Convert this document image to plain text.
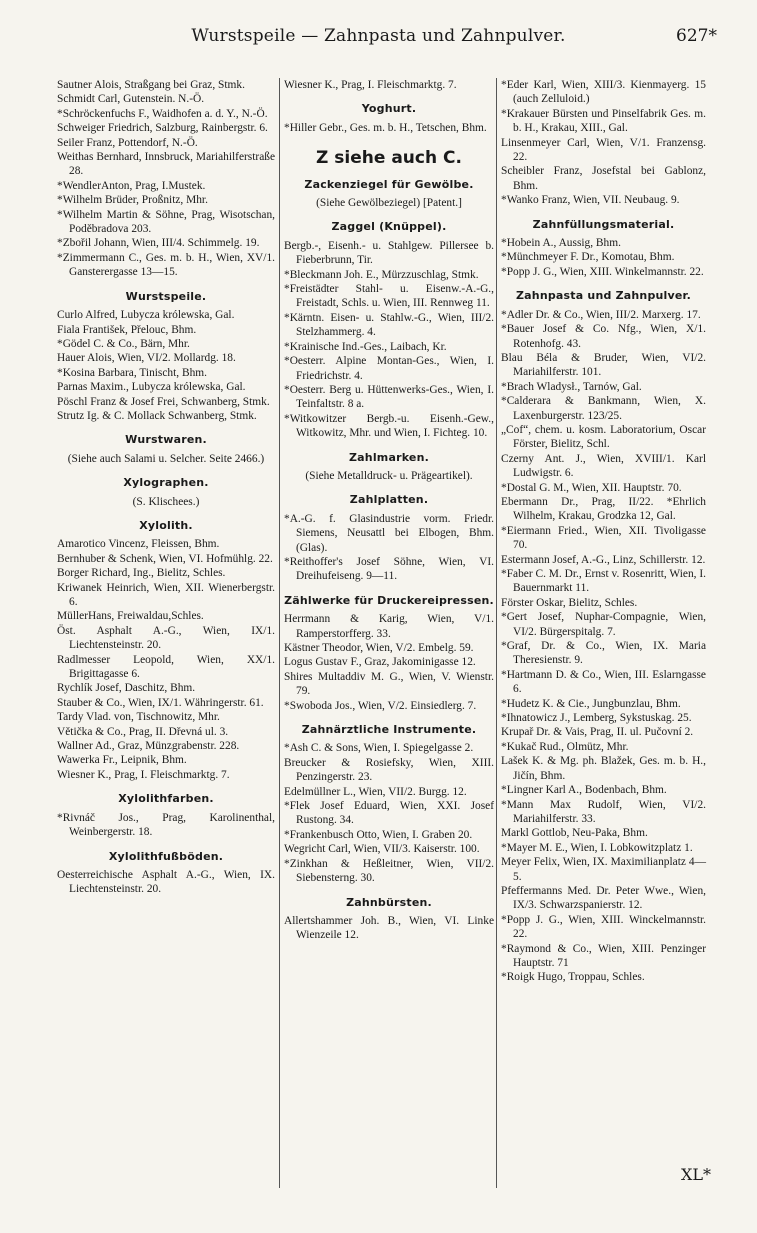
Wurstspeile — Zahnpasta und Zahnpulver.	627*
Sautner Alois, Straßgang bei Graz, Stmk.
Schmidt Carl, Gutenstein. N.-Ö.
*Schröckenfuchs F., Waidhofen a. d. Y., N.-Ö.
Schweiger Friedrich, Salzburg, Rainbergstr. 6.
Seiler Franz, Pottendorf, N.-Ö.
Weithas Bernhard, Innsbruck, Mariahilferstraße 28.
*WendlerAnton, Prag, I.Mustek.
*Wilhelm Brüder, Proßnitz, Mhr.
*Wilhelm Martin & Söhne, Prag, Wisotschan, Poděbradova 203.
*Zbořil Johann, Wien, III/4. Schimmelg. 19.
*Zimmermann C., Ges. m. b. H., Wien, XV/1. Gansterergasse 13—15.
Wurstspeile.
Curlo Alfred, Lubycza królewska, Gal.
Fiala František, Přelouc, Bhm.
*Gödel C. & Co., Bärn, Mhr.
Hauer Alois, Wien, VI/2. Mollardg. 18.
*Kosina Barbara, Tinischt, Bhm.
Parnas Maxim., Lubycza królewska, Gal.
Pöschl Franz & Josef Frei, Schwanberg, Stmk.
Strutz Ig. & C. Mollack Schwanberg, Stmk.
Wurstwaren.
(Siehe auch Salami u. Selcher. Seite 2466.)
Xylographen.
(S. Klischees.)
Xylolith.
Amarotico Vincenz, Fleissen, Bhm.
Bernhuber & Schenk, Wien, VI. Hofmühlg. 22.
Borger Richard, Ing., Bielitz, Schles.
Kriwanek Heinrich, Wien, XII. Wienerbergstr. 6.
MüllerHans, Freiwaldau,Schles.
Öst. Asphalt A.-G., Wien, IX/1. Liechtensteinstr. 20.
Radlmesser Leopold, Wien, XX/1. Brigittagasse 6.
Rychlík Josef, Daschitz, Bhm.
Stauber & Co., Wien, IX/1. Währingerstr. 61.
Tardy Vlad. von, Tischnowitz, Mhr.
Větička & Co., Prag, II. Dřevná ul. 3.
Wallner Ad., Graz, Münzgrabenstr. 228.
Wawerka Fr., Leipnik, Bhm.
Wiesner K., Prag, I. Fleischmarktg. 7.
Xylolithfarben.
*Rivnáč Jos., Prag, Karolinenthal, Weinbergerstr. 18.
Xylolithfußböden.
Oesterreichische Asphalt A.-G., Wien, IX. Liechtensteinstr. 20.
Wiesner K., Prag, I. Fleischmarktg. 7.
Yoghurt.
*Hiller Gebr., Ges. m. b. H., Tetschen, Bhm.
Z siehe auch C.
Zackenziegel für Gewölbe.
(Siehe Gewölbeziegel) [Patent.]
Zaggel (Knüppel).
Bergb.-, Eisenh.- u. Stahlgew. Pillersee b. Fieberbrunn, Tir.
*Bleckmann Joh. E., Mürzzuschlag, Stmk.
*Freistädter Stahl- u. Eisenw.-A.-G., Freistadt, Schls. u. Wien, III. Rennweg 11.
*Kärntn. Eisen- u. Stahlw.-G., Wien, III/2. Stelzhammerg. 4.
*Krainische Ind.-Ges., Laibach, Kr.
*Oesterr. Alpine Montan-Ges., Wien, I. Friedrichstr. 4.
*Oesterr. Berg u. Hüttenwerks-Ges., Wien, I. Teinfaltstr. 8 a.
*Witkowitzer Bergb.-u. Eisenh.-Gew., Witkowitz, Mhr. und Wien, I. Fichteg. 10.
Zahlmarken.
(Siehe Metalldruck- u. Prägeartikel).
Zahlplatten.
*A.-G. f. Glasindustrie vorm. Friedr. Siemens, Neusattl bei Elbogen, Bhm. (Glas).
*Reithoffer's Josef Söhne, Wien, VI. Dreihufeiseng. 9—11.
Zählwerke für Druckereipressen.
Herrmann & Karig, Wien, V/1. Ramperstorfferg. 33.
Kästner Theodor, Wien, V/2. Embelg. 59.
Logus Gustav F., Graz, Jakominigasse 12.
Shires Multaddiv M. G., Wien, V. Wienstr. 79.
*Swoboda Jos., Wien, V/2. Einsiedlerg. 7.
Zahnärztliche Instrumente.
*Ash C. & Sons, Wien, I. Spiegelgasse 2.
Breucker & Rosiefsky, Wien, XIII. Penzingerstr. 23.
Edelmüllner L., Wien, VII/2. Burgg. 12.
*Flek Josef Eduard, Wien, XXI. Josef Rustong. 34.
*Frankenbusch Otto, Wien, I. Graben 20.
Wegricht Carl, Wien, VII/3. Kaiserstr. 100.
*Zinkhan & Heßleitner, Wien, VII/2. Siebensterng. 30.
Zahnbürsten.
Allertshammer Joh. B., Wien, VI. Linke Wienzeile 12.
*Eder Karl, Wien, XIII/3. Kienmayerg. 15 (auch Zelluloid.)
*Krakauer Bürsten und Pinselfabrik Ges. m. b. H., Krakau, XIII., Gal.
Linsenmeyer Carl, Wien, V/1. Franzensg. 22.
Scheibler Franz, Josefstal bei Gablonz, Bhm.
*Wanko Franz, Wien, VII. Neubaug. 9.
Zahnfüllungsmaterial.
*Hobein A., Aussig, Bhm.
*Münchmeyer F. Dr., Komotau, Bhm.
*Popp J. G., Wien, XIII. Winkelmannstr. 22.
Zahnpasta und Zahnpulver.
*Adler Dr. & Co., Wien, III/2. Marxerg. 17.
*Bauer Josef & Co. Nfg., Wien, X/1. Rotenhofg. 43.
Blau Béla & Bruder, Wien, VI/2. Mariahilferstr. 101.
*Brach Wladysł., Tarnów, Gal.
*Calderara & Bankmann, Wien, X. Laxenburgerstr. 123/25.
„Cof“, chem. u. kosm. Laboratorium, Oscar Förster, Bielitz, Schl.
Czerny Ant. J., Wien, XVIII/1. Karl Ludwigstr. 6.
*Dostal G. M., Wien, XII. Hauptstr. 70.
Ebermann Dr., Prag, II/22. *Ehrlich Wilhelm, Krakau, Grodzka 12, Gal.
*Eiermann Fried., Wien, XII. Tivoligasse 70.
Estermann Josef, A.-G., Linz, Schillerstr. 12.
*Faber C. M. Dr., Ernst v. Rosenritt, Wien, I. Bauernmarkt 11.
Förster Oskar, Bielitz, Schles.
*Gert Josef, Nuphar-Compagnie, Wien, VI/2. Bürgerspitalg. 7.
*Graf, Dr. & Co., Wien, IX. Maria Theresienstr. 9.
*Hartmann D. & Co., Wien, III. Eslarngasse 6.
*Hudetz K. & Cie., Jungbunzlau, Bhm.
*Ihnatowicz J., Lemberg, Sykstuskag. 25.
Krupař Dr. & Vais, Prag, II. ul. Pučovní 2.
*Kukač Rud., Olmütz, Mhr.
Lašek K. & Mg. ph. Blažek, Ges. m. b. H., Jičín, Bhm.
*Lingner Karl A., Bodenbach, Bhm.
*Mann Max Rudolf, Wien, VI/2. Mariahilferstr. 33.
Markl Gottlob, Neu-Paka, Bhm.
*Mayer M. E., Wien, I. Lobkowitzplatz 1.
Meyer Felix, Wien, IX. Maximilianplatz 4—5.
Pfeffermanns Med. Dr. Peter Wwe., Wien, IX/3. Schwarzspanierstr. 12.
*Popp J. G., Wien, XIII. Winckelmannstr. 22.
*Raymond & Co., Wien, XIII. Penzinger Hauptstr. 71
*Roigk Hugo, Troppau, Schles.
XL*
